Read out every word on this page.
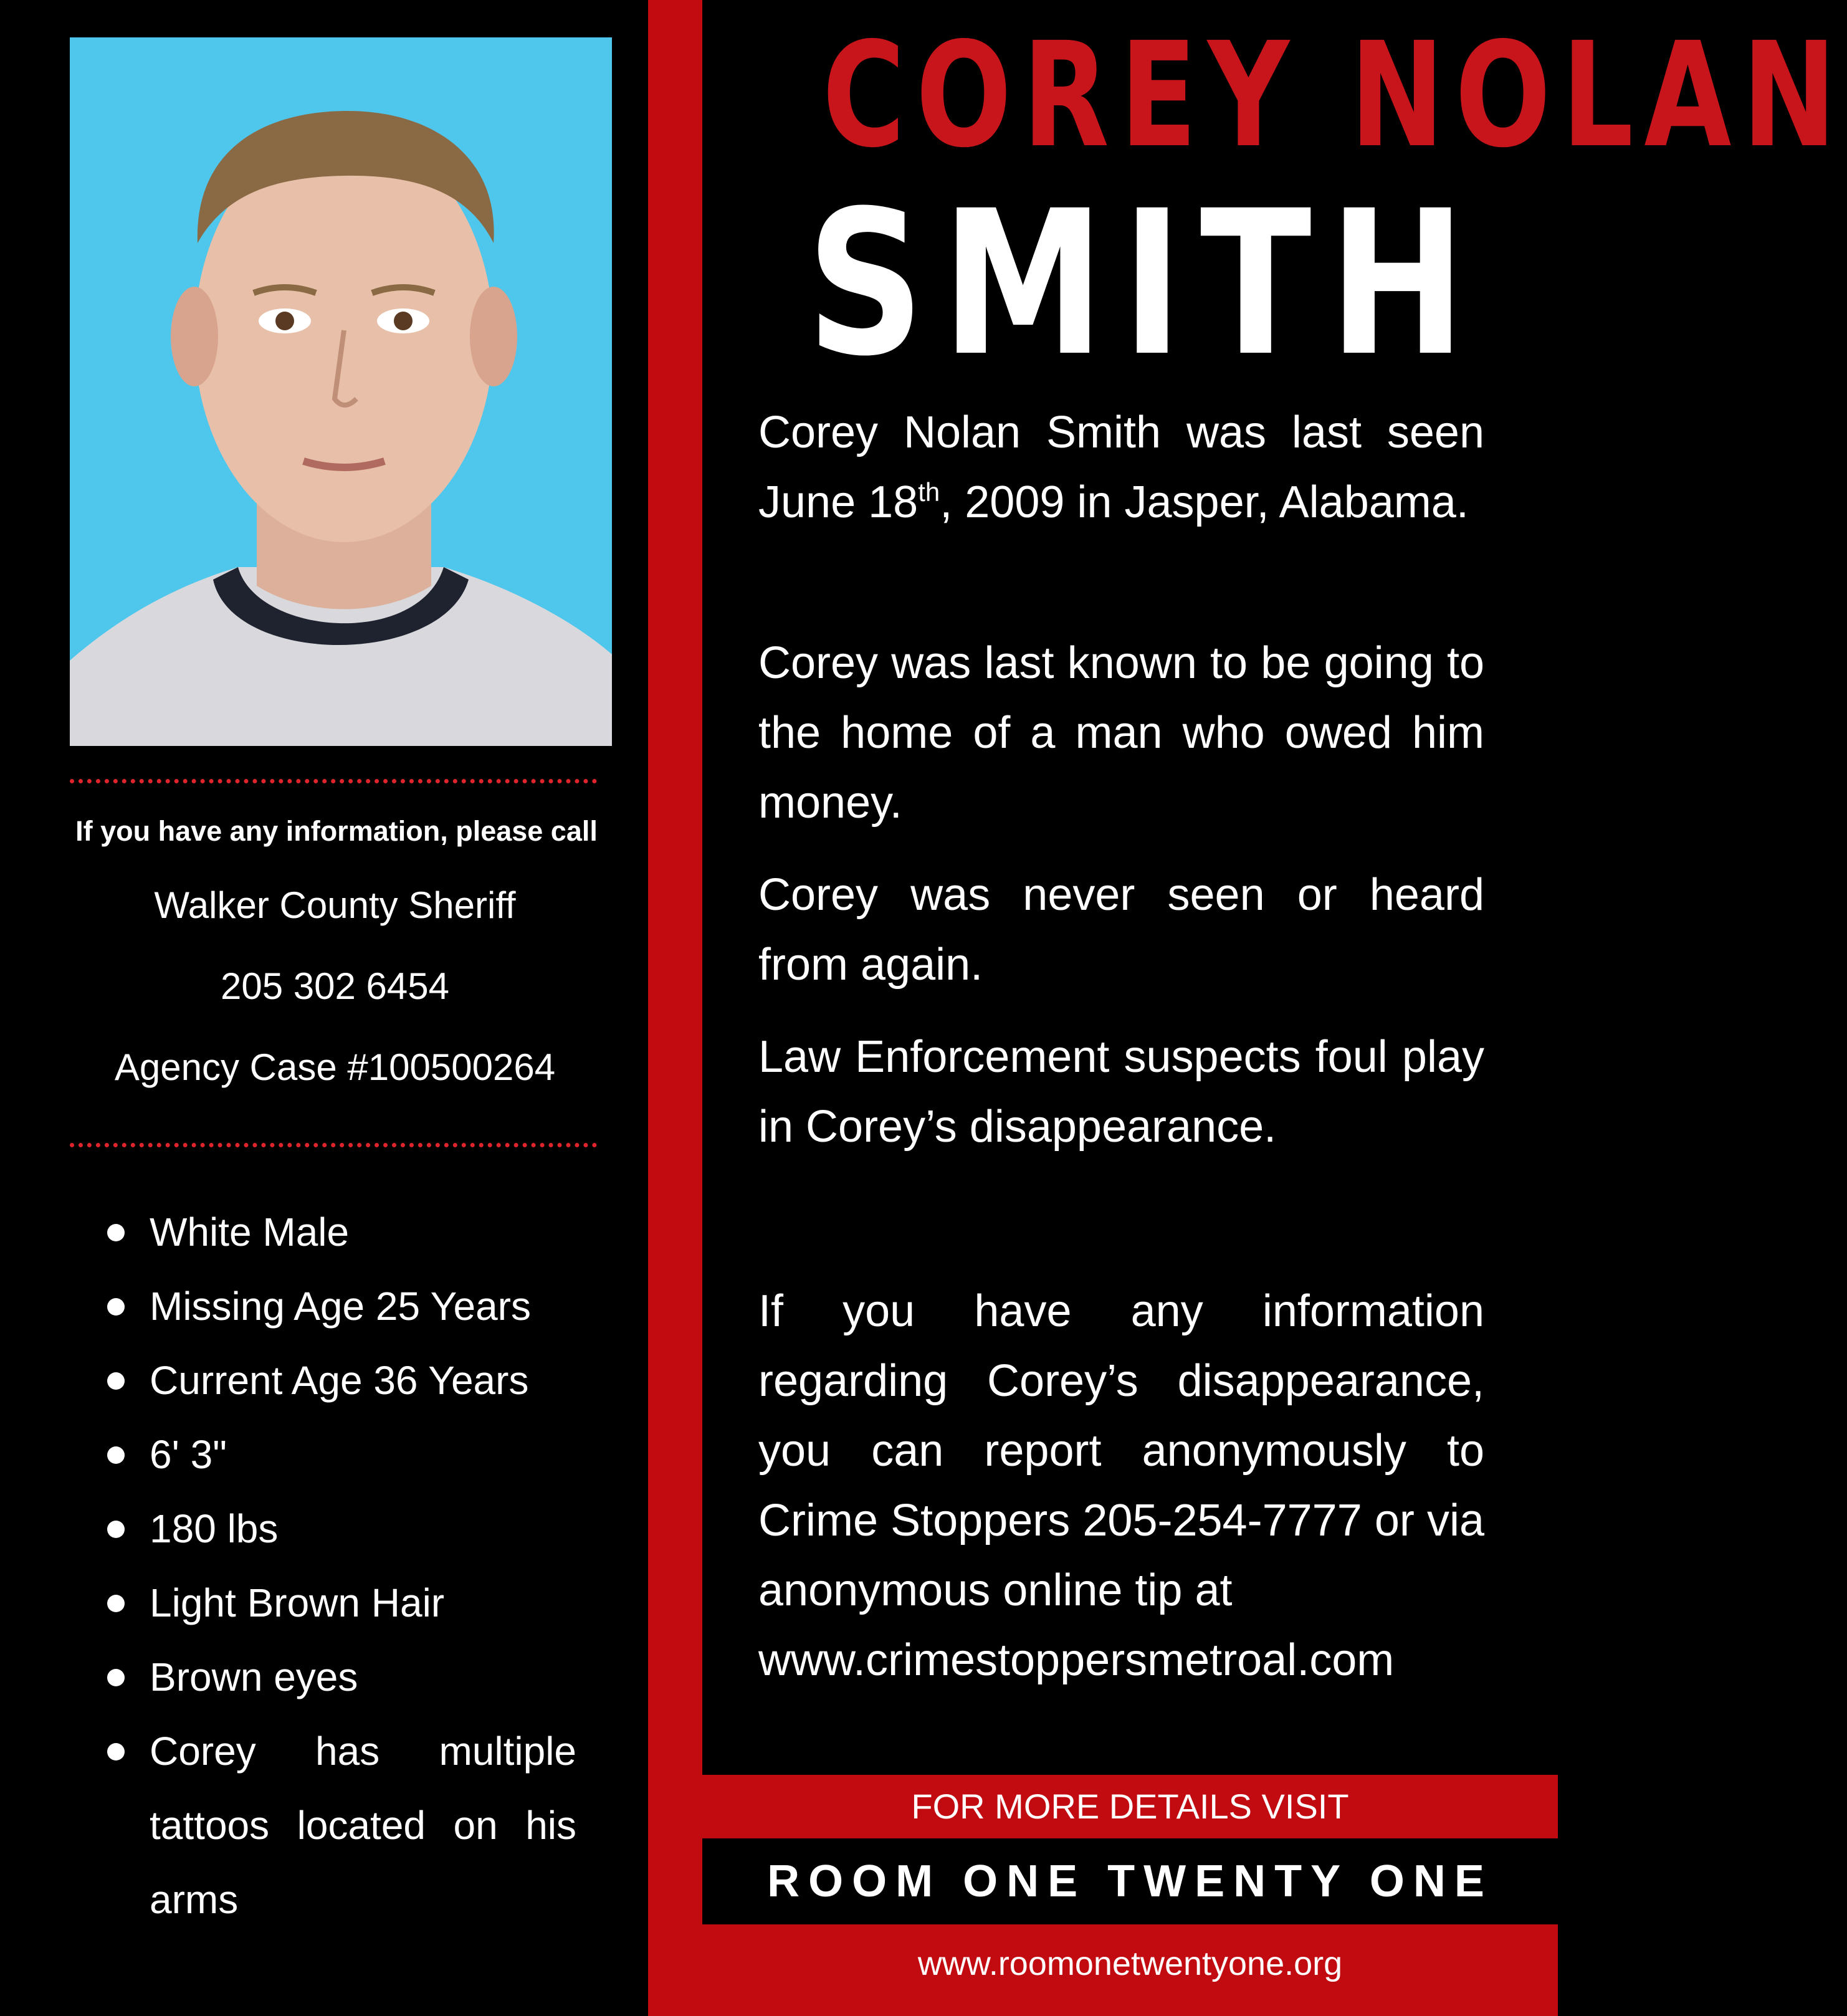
If you have any information, please call
Walker County Sheriff
205 302 6454
Agency Case #100500264
White Male
Missing Age 25 Years
Current Age 36 Years
6' 3"
180 lbs
Light Brown Hair
Brown eyes
Corey has multiple tattoos located on his arms
COREY NOLAN
SMITH

Corey Nolan Smith was last seen June 18th, 2009 in Jasper, Alabama.

Corey was last known to be going to the home of a man who owed him money.

Corey was never seen or heard from again.

Law Enforcement suspects foul play in Corey’s disappearance.

If you have any information regarding Corey’s disappearance, you can report anonymously to Crime Stoppers 205-254-7777 or via anonymous online tip at
www.crimestoppersmetroal.com

FOR MORE DETAILS VISIT
ROOM ONE TWENTY ONE
www.roomonetwentyone.org
